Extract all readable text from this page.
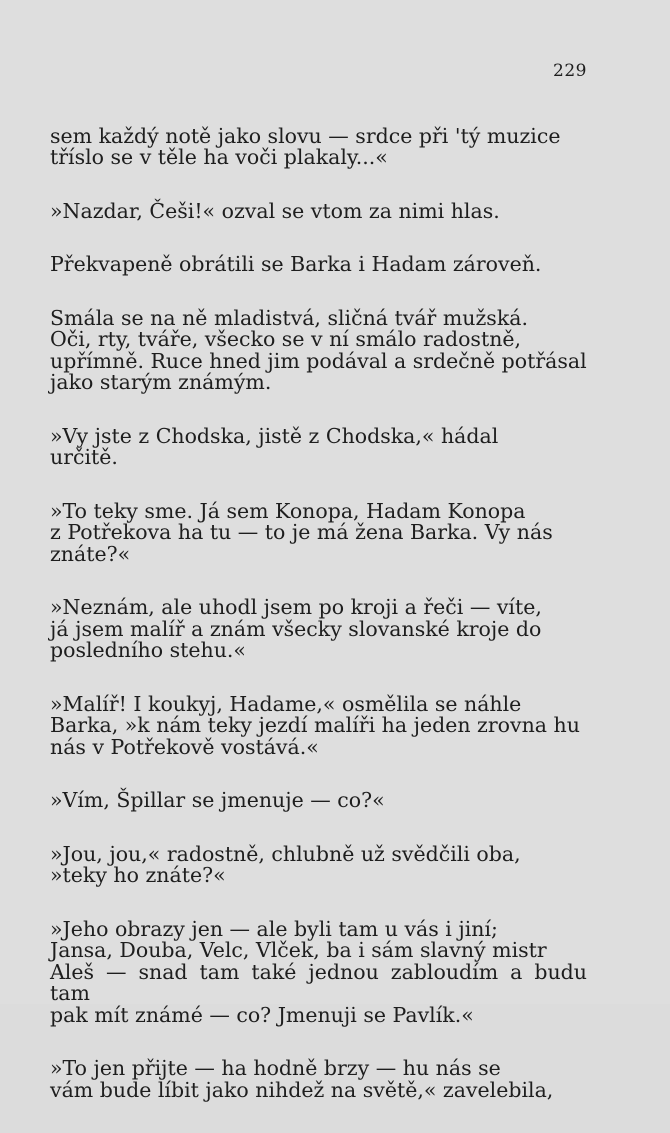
229

sem každý notě jako slovu — srdce při 'tý muzice
tříslo se v těle ha voči plakaly...«

»Nazdar, Češi!« ozval se vtom za nimi hlas.

Překvapeně obrátili se Barka i Hadam zároveň.

Smála se na ně mladistvá, sličná tvář mužská.
Oči, rty, tváře, všecko se v ní smálo radostně,
upřímně. Ruce hned jim podával a srdečně potřásal
jako starým známým.

»Vy jste z Chodska, jistě z Chodska,« hádal
určitě.

»To teky sme. Já sem Konopa, Hadam Konopa
z Potřekova ha tu — to je má žena Barka. Vy nás
znáte?«

»Neznám, ale uhodl jsem po kroji a řeči — víte,
já jsem malíř a znám všecky slovanské kroje do
posledního stehu.«

»Malíř! I koukyj, Hadame,« osmělila se náhle
Barka, »k nám teky jezdí malíři ha jeden zrovna hu
nás v Potřekově vostává.«

»Vím, Špillar se jmenuje — co?«

»Jou, jou,« radostně, chlubně už svědčili oba,
»teky ho znáte?«

»Jeho obrazy jen — ale byli tam u vás i jiní;
Jansa, Douba, Velc, Vlček, ba i sám slavný mistr
Aleš — snad tam také jednou zabloudím a budu tam
pak mít známé — co? Jmenuji se Pavlík.«

»To jen přijte — ha hodně brzy — hu nás se
vám bude líbit jako nihdež na světě,« zavelebila,
